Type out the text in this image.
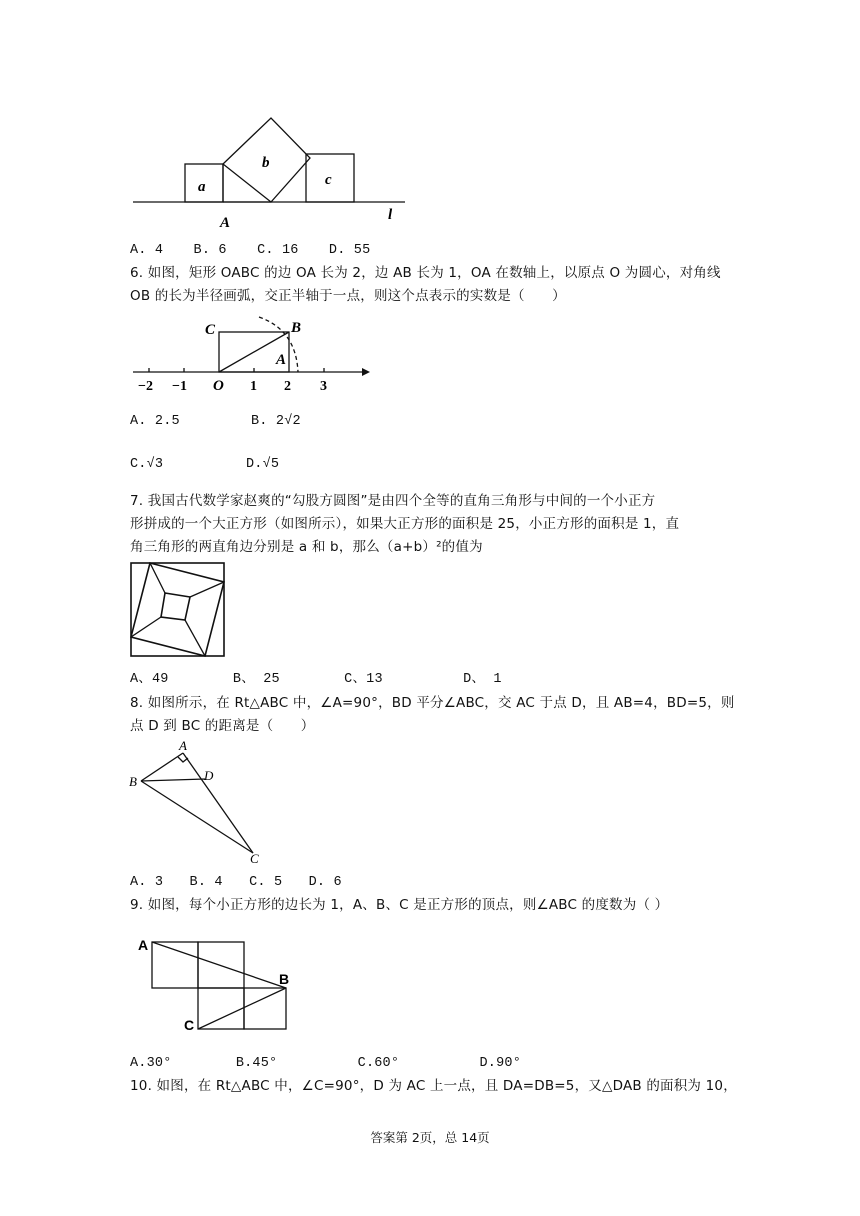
a
b
c
A	l
A. 4 B. 6 C. 16 D. 55
6. 如图，矩形 OABC 的边 OA 长为 2，边 AB 长为 1，OA 在数轴上，以原点 O 为圆心，对角线
OB 的长为半径画弧，交正半轴于一点，则这个点表示的实数是（　　）
C	B
A
−2 −1 O 1 2 3
A. 2.5	B. 2√2
C.√3	D.√5
7. 我国古代数学家赵爽的“勾股方圆图”是由四个全等的直角三角形与中间的一个小正方
形拼成的一个大正方形（如图所示），如果大正方形的面积是 25，小正方形的面积是 1，直
角三角形的两直角边分别是 a 和 b，那么（a+b）²的值为
A、49	B、 25	C、13	D、 1
8. 如图所示，在 Rt△ABC 中，∠A=90°，BD 平分∠ABC，交 AC 于点 D，且 AB=4，BD=5，则
点 D 到 BC 的距离是（　　）
A
B	D
C
A. 3 B. 4 C. 5 D. 6
9. 如图，每个小正方形的边长为 1，A、B、C 是正方形的顶点，则∠ABC 的度数为（ ）
A
B
C
A.30°	B.45°	C.60°	D.90°
10. 如图，在 Rt△ABC 中，∠C=90°，D 为 AC 上一点，且 DA=DB=5，又△DAB 的面积为 10，
答案第 2页，总 14页
